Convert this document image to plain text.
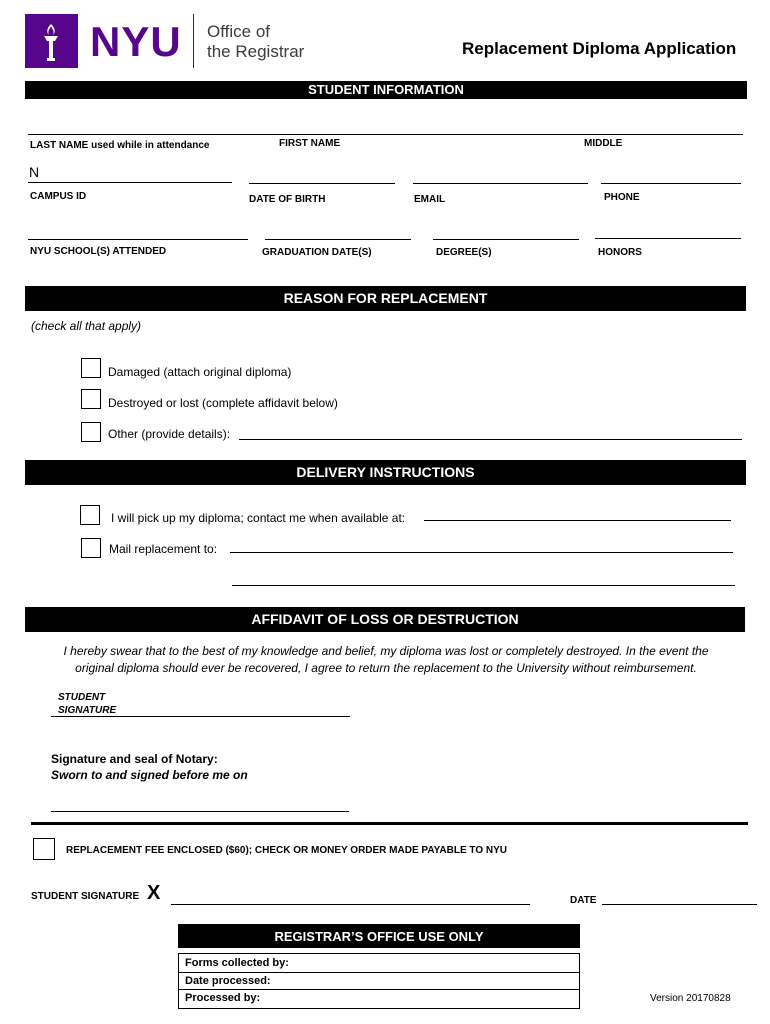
NYU Office of
the Registrar	Replacement Diploma Application
STUDENT INFORMATION
LAST NAME used while in attendance	FIRST NAME	MIDDLE
N
CAMPUS ID	DATE OF BIRTH	EMAIL	PHONE
NYU SCHOOL(S) ATTENDED	GRADUATION DATE(S)	DEGREE(S)	HONORS
REASON FOR REPLACEMENT
(check all that apply)
Damaged (attach original diploma)
Destroyed or lost (complete affidavit below)
Other (provide details):
DELIVERY INSTRUCTIONS
I will pick up my diploma; contact me when available at:
Mail replacement to:
AFFIDAVIT OF LOSS OR DESTRUCTION
I hereby swear that to the best of my knowledge and belief, my diploma was lost or completely destroyed. In the event the
original diploma should ever be recovered, I agree to return the replacement to the University without reimbursement.
STUDENT
SIGNATURE
Signature and seal of Notary:
Sworn to and signed before me on
REPLACEMENT FEE ENCLOSED ($60); CHECK OR MONEY ORDER MADE PAYABLE TO NYU
STUDENT SIGNATURE X	DATE
REGISTRAR’S OFFICE USE ONLY
Forms collected by:
Date processed:
Processed by:	Version 20170828
